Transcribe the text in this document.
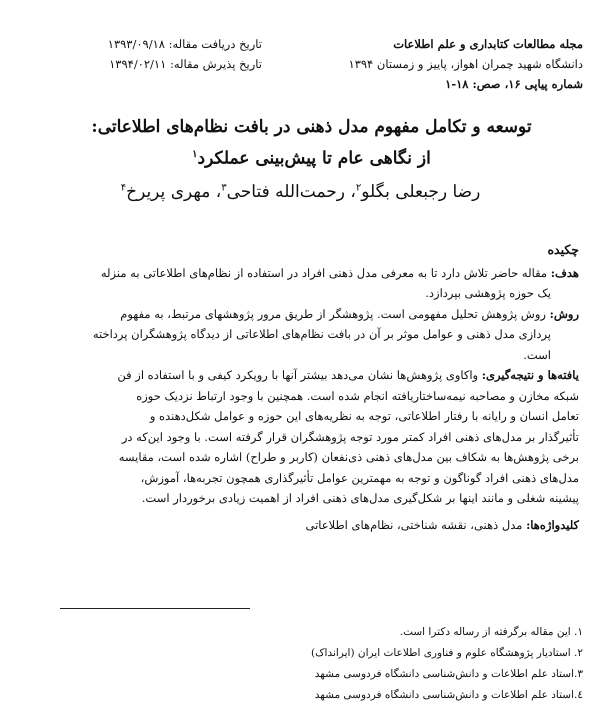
مجله مطالعات کتابداری و علم اطلاعات
دانشگاه شهید چمران اهواز، پاییز و زمستان ۱۳۹۴
شماره پیاپی ۱۶، صص: ۱۸-۱
تاریخ دریافت مقاله: ۱۳۹۳/۰۹/۱۸
تاریخ پذیرش مقاله: ۱۳۹۴/۰۲/۱۱
توسعه و تکامل مفهوم مدل ذهنی در بافت نظام‌های اطلاعاتی:
از نگاهی عام تا پیش‌بینی عملکرد$^۱$
رضا رجبعلی بگلو$^۲$، رحمت‌الله فتاحی$^۳$، مهری پریرخ$^۴$
چکیده

هدف: مقاله حاضر تلاش دارد تا به معرفی مدل ذهنی افراد در استفاده از نظام‌های اطلاعاتی به منزله

یک حوزه پژوهشی بپردازد.

روش: روش پژوهش تحلیل مفهومی است. پژوهشگر از طریق مرور پژوهشهای مرتبط، به مفهوم

پردازی مدل ذهنی و عوامل موثر بر آن در بافت نظام‌های اطلاعاتی از دیدگاه پژوهشگران پرداخته

است.

یافته‌ها و نتیجه‌گیری: واکاوی پژوهش‌ها نشان می‌دهد بیشتر آنها با رویکرد کیفی و با استفاده از فن

شبکه مخازن و مصاحبه نیمه‌ساختاریافته انجام شده است. همچنین با وجود ارتباط نزدیک حوزه

تعامل انسان و رایانه با رفتار اطلاعاتی، توجه به نظریه‌های این حوزه و عوامل شکل‌دهنده و

تأثیرگذار بر مدل‌های ذهنی افراد کمتر مورد توجه پژوهشگران قرار گرفته است. با وجود این‌که در

برخی پژوهش‌ها به شکاف بین مدل‌های ذهنی ذی‌نفعان (کاربر و طراح) اشاره شده است، مقایسه

مدل‌های ذهنی افراد گوناگون و توجه به مهمترین عوامل تأثیرگذاری همچون تجربه‌ها، آموزش،

پیشینه شغلی و مانند اینها بر شکل‌گیری مدل‌های ذهنی افراد از اهمیت زیادی برخوردار است.

کلیدواژه‌ها: مدل ذهنی، نقشه شناختی، نظام‌های اطلاعاتی

۱. این مقاله برگرفته از رساله دکترا است.
۲. استادیار پژوهشگاه علوم و فناوری اطلاعات ایران (ایرانداک)
۳.استاد علم اطلاعات و دانش‌شناسی دانشگاه فردوسی مشهد
٤.استاد علم اطلاعات و دانش‌شناسی دانشگاه فردوسی مشهد
